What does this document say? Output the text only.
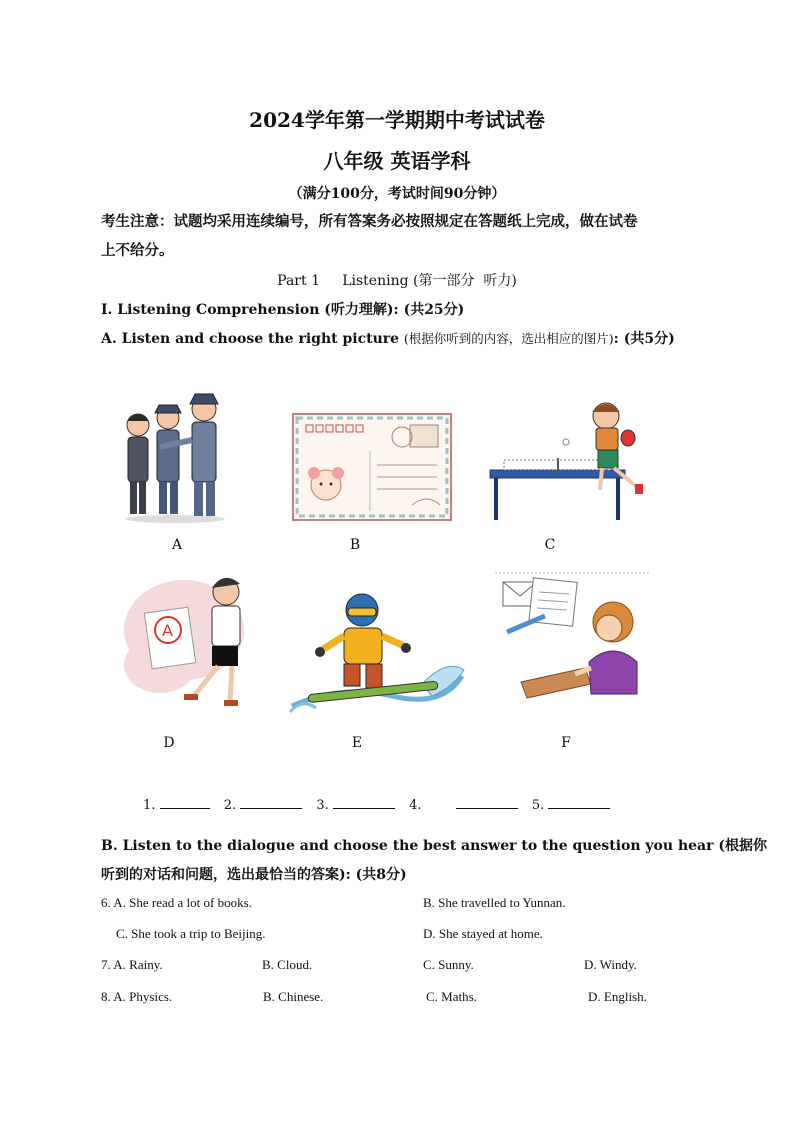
2024学年第一学期期中考试试卷
八年级 英语学科
（满分100分，考试时间90分钟）
考生注意：试题均采用连续编号，所有答案务必按照规定在答题纸上完成，做在试卷
上不给分。
Part 1     Listening (第一部分  听力)
I. Listening Comprehension (听力理解): (共25分)
A. Listen and choose the right picture (根据你听到的内容，选出相应的图片): (共5分)
A	B	C
A
D	E	F
1.	2.	3.	4.	5.
B. Listen to the dialogue and choose the best answer to the question you hear (根据你
听到的对话和问题，选出最恰当的答案): (共8分)
6. A. She read a lot of books.	B. She travelled to Yunnan.
C. She took a trip to Beijing.	D. She stayed at home.
7. A. Rainy.	B. Cloud.	C. Sunny.	D. Windy.
8. A. Physics.	B. Chinese.	C. Maths.	D. English.
